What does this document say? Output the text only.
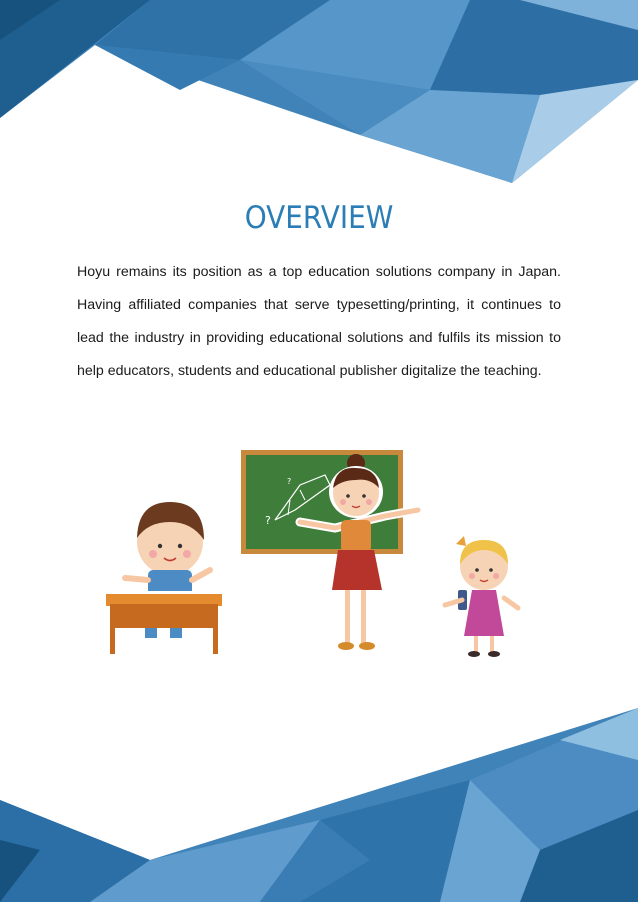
OVERVIEW

Hoyu remains its position as a top education solutions company in Japan. Having affiliated companies that serve typesetting/printing, it continues to lead the industry in providing educational solutions and fulfils its mission to help educators, students and educational publisher digitalize the teaching.

?
?
